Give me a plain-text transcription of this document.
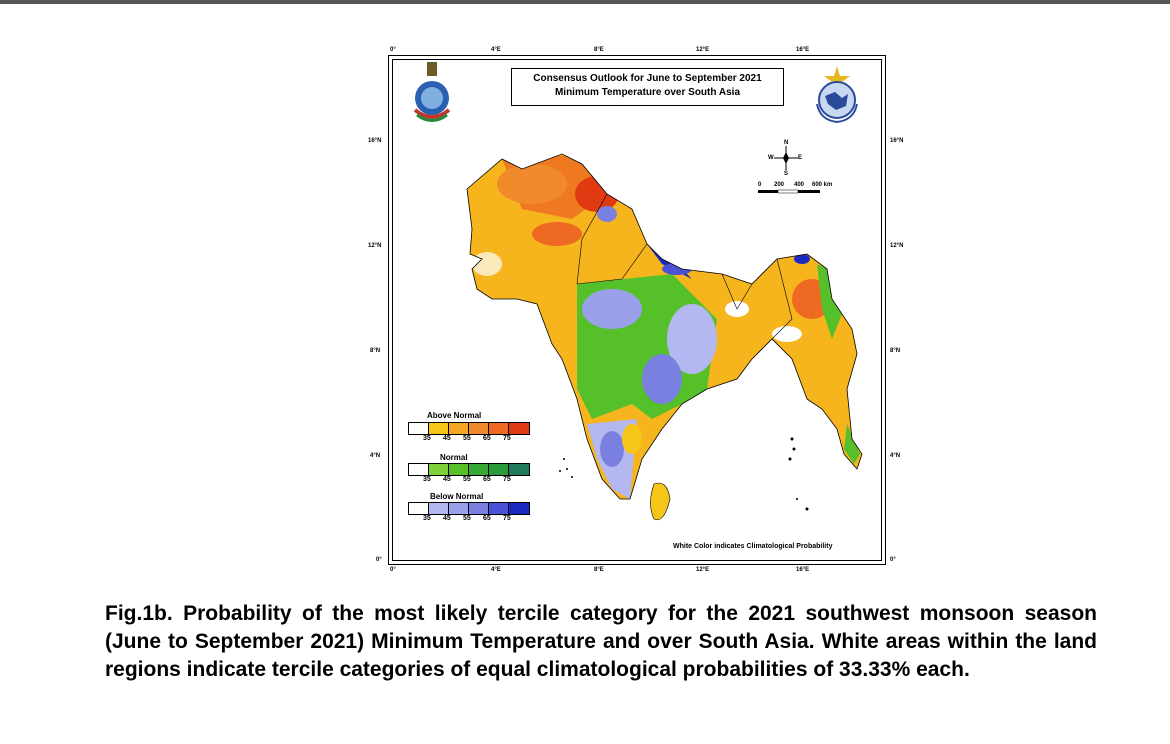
0°	4°E	8°E	12°E	16°E
0°	4°E	8°E	12°E	16°E
16°N
12°N
8°N
4°N
0°
16°N
12°N
8°N
4°N
0°
Consensus Outlook for June to September 2021
Minimum Temperature over South Asia
N
S
W	E
0 200 400 600 km
Above Normal
35	45	55	65	75
Normal
35	45	55	65	75
Below Normal
35	45	55	65	75
White Color indicates Climatological Probability
Fig.1b. Probability of the most likely tercile category for the 2021 southwest monsoon season (June to September 2021) Minimum Temperature and over South Asia. White areas within the land regions indicate tercile categories of equal climatological probabilities of 33.33% each.
